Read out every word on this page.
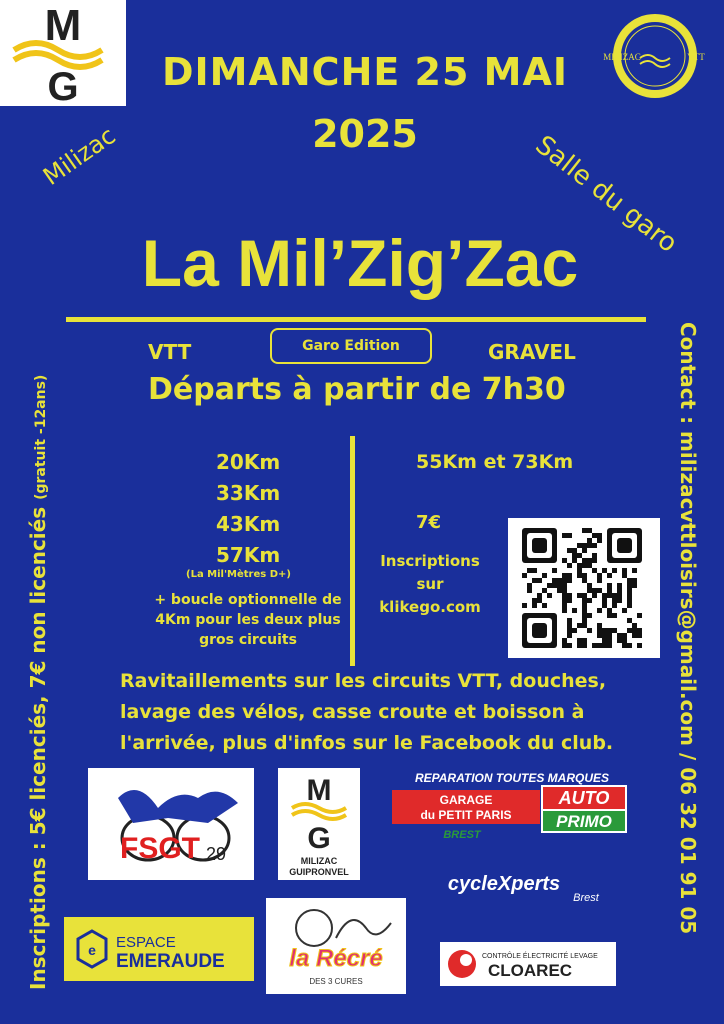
M
G
MILIZAC	VTT
DIMANCHE 25 MAI
2025
Milizac	Salle du garo
La Mil’Zig’Zac
VTT	Garo Edition	GRAVEL
Départs à partir de 7h30
20Km
33Km
43Km
57Km
(La Mil'Mètres D+)
+ boucle optionnelle de 4Km pour les deux plus gros circuits
55Km et 73Km
7€
Inscriptions sur klikego.com
Ravitaillements sur les circuits VTT, douches, lavage des vélos, casse croute et boisson à l'arrivée, plus d'infos sur le Facebook du club.
Inscriptions : 5€ licenciés, 7€ non licenciés (gratuit -12ans)	Contact : milizacvttloisirs@gmail.com / 06 32 01 91 05
FSGT 29
M
G
MILIZAC
GUIPRONVEL
REPARATION TOUTES MARQUES
GARAGE
du PETIT PARIS
AUTO
PRIMO
BREST
cycleXperts
Brest
e ESPACE
EMERAUDE	la Récré
DES 3 CURES
CONTRÔLE ÉLECTRICITÉ LEVAGE
CLOAREC
